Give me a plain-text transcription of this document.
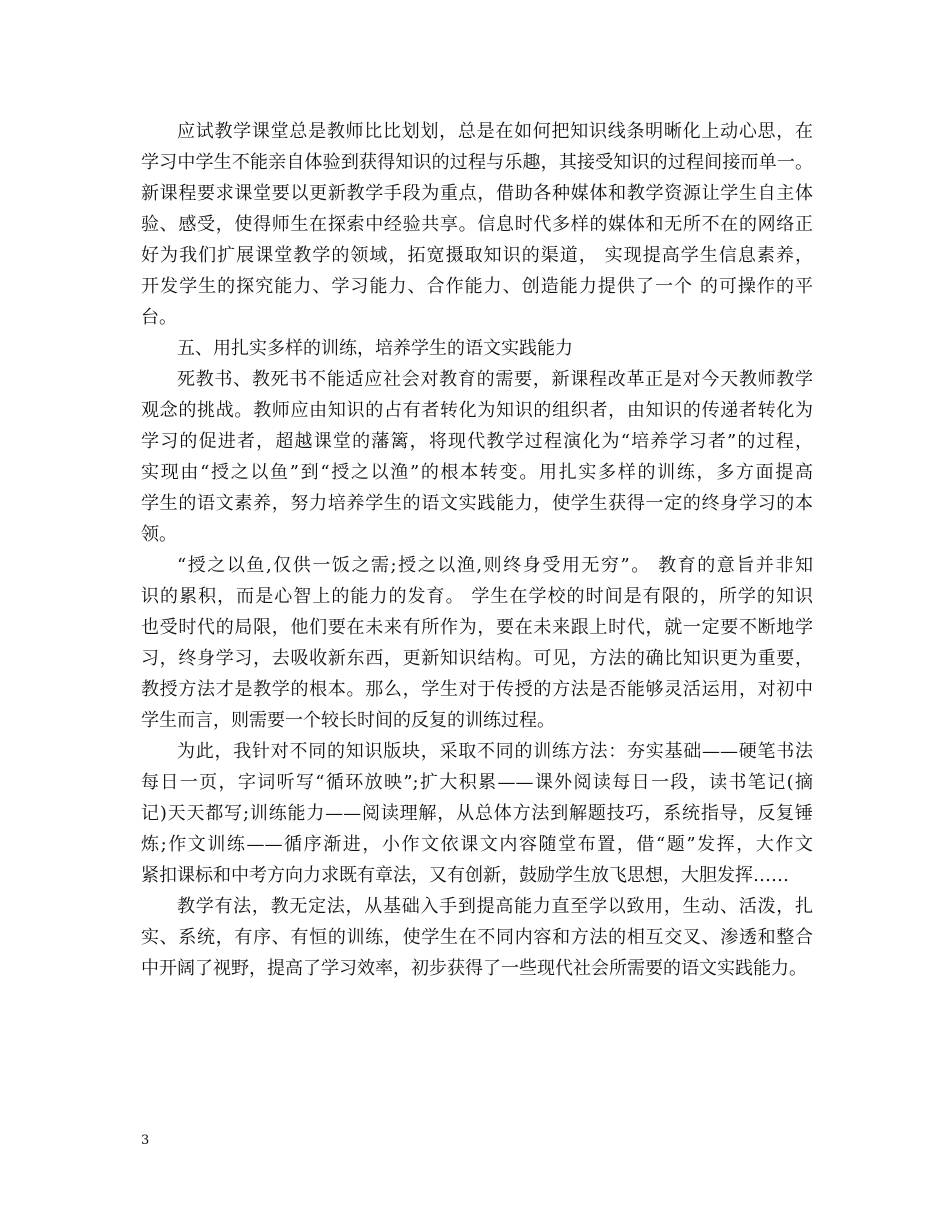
应试教学课堂总是教师比比划划，总是在如何把知识线条明晰化上动心思，在
学习中学生不能亲自体验到获得知识的过程与乐趣，其接受知识的过程间接而单一。
新课程要求课堂要以更新教学手段为重点，借助各种媒体和教学资源让学生自主体
验、感受，使得师生在探索中经验共享。信息时代多样的媒体和无所不在的网络正
好为我们扩展课堂教学的领域，拓宽摄取知识的渠道， 实现提高学生信息素养，
开发学生的探究能力、学习能力、合作能力、创造能力提供了一个 的可操作的平
台。
五、用扎实多样的训练，培养学生的语文实践能力
死教书、教死书不能适应社会对教育的需要，新课程改革正是对今天教师教学
观念的挑战。教师应由知识的占有者转化为知识的组织者，由知识的传递者转化为
学习的促进者，超越课堂的藩篱，将现代教学过程演化为“培养学习者”的过程，
实现由“授之以鱼”到“授之以渔”的根本转变。用扎实多样的训练，多方面提高
学生的语文素养，努力培养学生的语文实践能力，使学生获得一定的终身学习的本
领。
“授之以鱼,仅供一饭之需;授之以渔,则终身受用无穷”。 教育的意旨并非知
识的累积，而是心智上的能力的发育。 学生在学校的时间是有限的，所学的知识
也受时代的局限，他们要在未来有所作为，要在未来跟上时代，就一定要不断地学
习，终身学习，去吸收新东西，更新知识结构。可见，方法的确比知识更为重要，
教授方法才是教学的根本。那么，学生对于传授的方法是否能够灵活运用，对初中
学生而言，则需要一个较长时间的反复的训练过程。
为此，我针对不同的知识版块，采取不同的训练方法：夯实基础——硬笔书法
每日一页，字词听写“循环放映”;扩大积累——课外阅读每日一段，读书笔记(摘
记)天天都写;训练能力——阅读理解，从总体方法到解题技巧，系统指导，反复锤
炼;作文训练——循序渐进，小作文依课文内容随堂布置，借“题”发挥，大作文
紧扣课标和中考方向力求既有章法，又有创新，鼓励学生放飞思想，大胆发挥……
教学有法，教无定法，从基础入手到提高能力直至学以致用，生动、活泼，扎
实、系统，有序、有恒的训练，使学生在不同内容和方法的相互交叉、渗透和整合
中开阔了视野，提高了学习效率，初步获得了一些现代社会所需要的语文实践能力。
3
